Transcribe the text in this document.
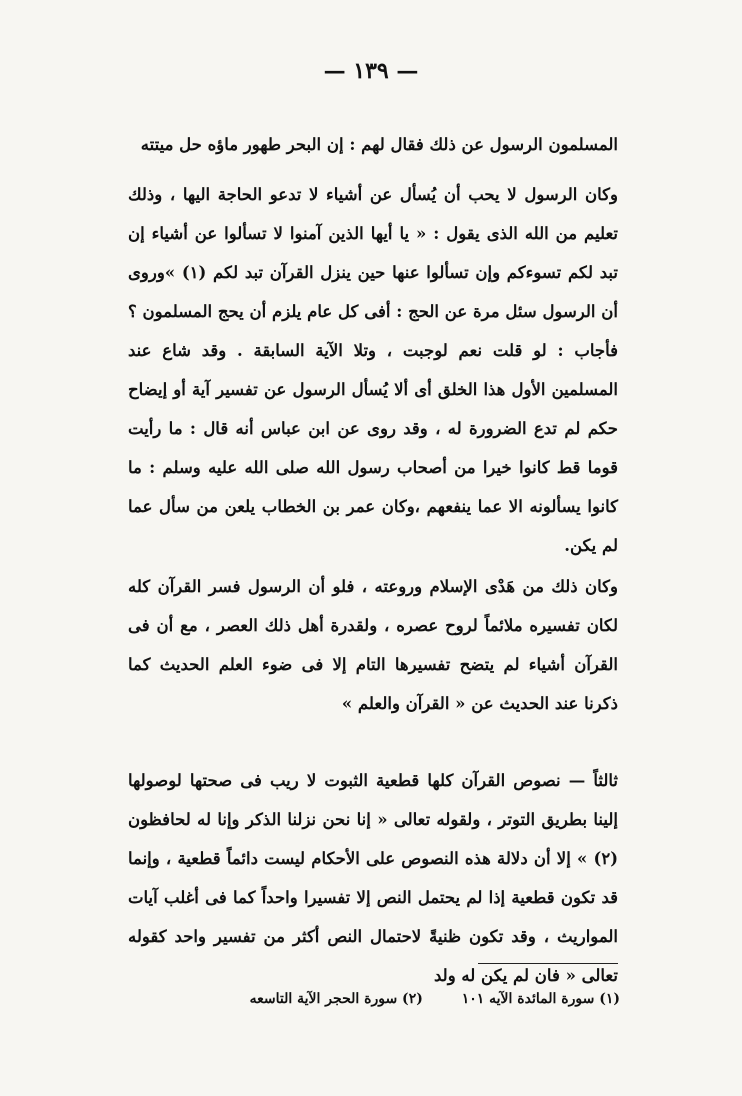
— ١٣٩ —

المسلمون الرسول عن ذلك فقال لهم : إن البحر طهور ماؤه حل ميتته

وكان الرسول لا يحب أن يُسأل عن أشياء لا تدعو الحاجة اليها ، وذلك تعليم من الله الذى يقول : « يا أيها الذين آمنوا لا تسألوا عن أشياء إن تبد لكم تسوءكم وإن تسألوا عنها حين ينزل القرآن تبد لكم (١) »وروى أن الرسول سئل مرة عن الحج : أفى كل عام يلزم أن يحج المسلمون ؟ فأجاب : لو قلت نعم لوجبت ، وتلا الآية السابقة . وقد شاع عند المسلمين الأول هذا الخلق أى ألا يُسأل الرسول عن تفسير آية أو إيضاح حكم لم تدع الضرورة له ، وقد روى عن ابن عباس أنه قال : ما رأيت قوما قط كانوا خيرا من أصحاب رسول الله صلى الله عليه وسلم : ما كانوا يسألونه الا عما ينفعهم ،وكان عمر بن الخطاب يلعن من سأل عما لم يكن.

وكان ذلك من هَدْى الإسلام وروعته ، فلو أن الرسول فسر القرآن كله لكان تفسيره ملائماً لروح عصره ، ولقدرة أهل ذلك العصر ، مع أن فى القرآن أشياء لم يتضح تفسيرها التام إلا فى ضوء العلم الحديث كما ذكرنا عند الحديث عن « القرآن والعلم »

ثالثاً — نصوص القرآن كلها قطعية الثبوت لا ريب فى صحتها لوصولها إلينا بطريق التوتر ، ولقوله تعالى « إنا نحن نزلنا الذكر وإنا له لحافظون (٢) » إلا أن دلالة هذه النصوص على الأحكام ليست دائماً قطعية ، وإنما قد تكون قطعية إذا لم يحتمل النص إلا تفسيرا واحداً كما فى أغلب آيات المواريث ، وقد تكون ظنيةً لاحتمال النص أكثر من تفسير واحد كقوله تعالى « فان لم يكن له ولد

(١) سورة المائدة الآيه ١٠١ (٢) سورة الحجر الآية التاسعه
